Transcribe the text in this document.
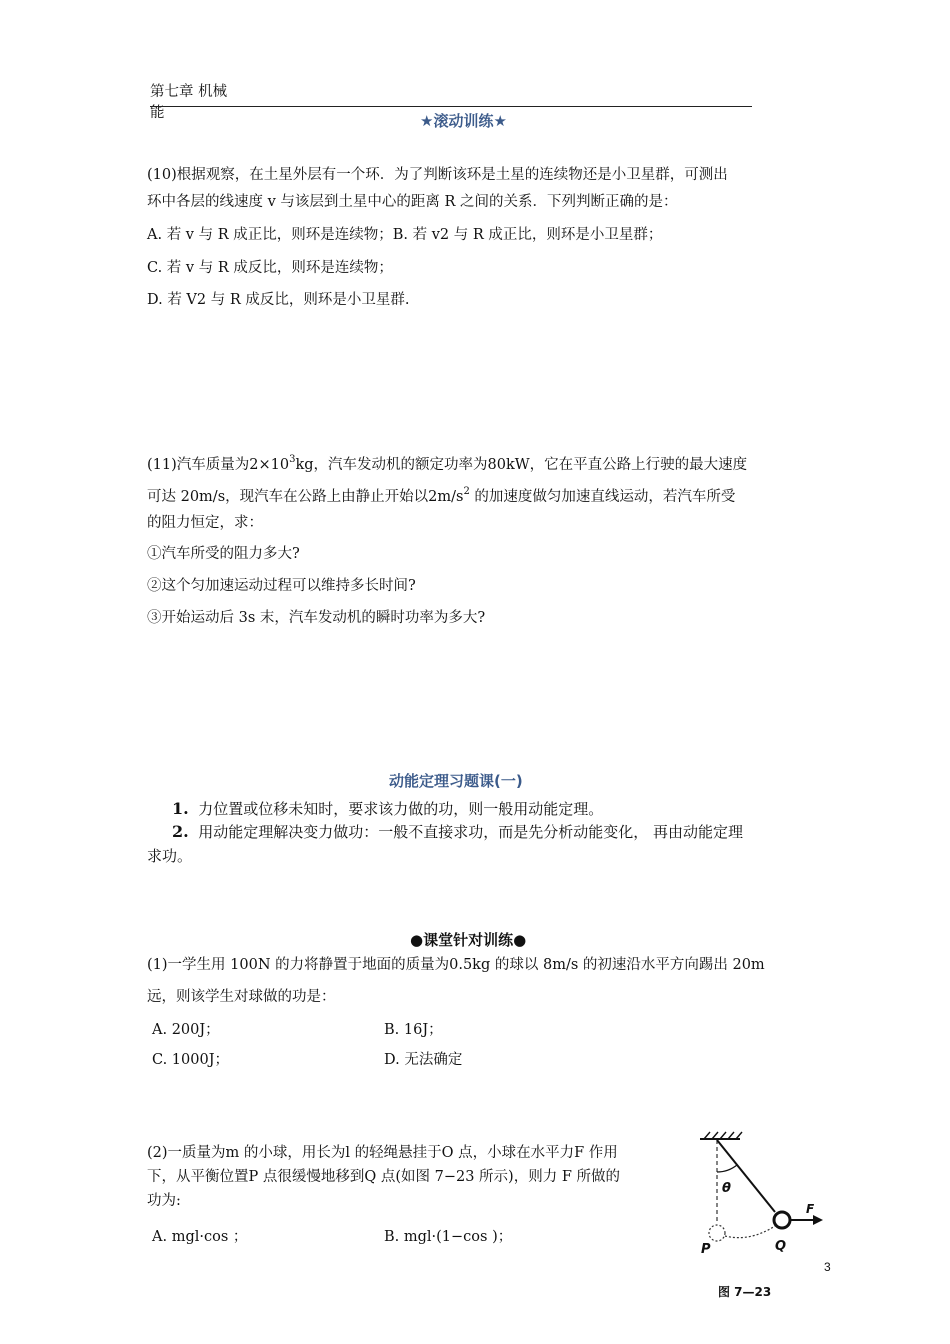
第七章 机械
能	★滚动训练★
(10)根据观察，在土星外层有一个环．为了判断该环是土星的连续物还是小卫星群，可测出
环中各层的线速度 v 与该层到土星中心的距离 R 之间的关系．下列判断正确的是：
A. 若 v 与 R 成正比，则环是连续物；B. 若 v2 与 R 成正比，则环是小卫星群；
C. 若 v 与 R 成反比，则环是连续物；
D. 若 V2 与 R 成反比，则环是小卫星群.
(11)汽车质量为$2\times 10^3kg$，汽车发动机的额定功率为80kW，它在平直公路上行驶的最大速度
可达 20m/s，现汽车在公路上由静止开始以$2m/s^2$ 的加速度做匀加速直线运动，若汽车所受
的阻力恒定，求：
①汽车所受的阻力多大?
②这个匀加速运动过程可以维持多长时间?
③开始运动后 3s 末，汽车发动机的瞬时功率为多大?
动能定理习题课(一)
1. 力位置或位移未知时，要求该力做的功，则一般用动能定理。
2. 用动能定理解决变力做功：一般不直接求功，而是先分析动能变化， 再由动能定理
求功。
●课堂针对训练●
(1)一学生用 100N 的力将静置于地面的质量为0.5kg 的球以 8m/s 的初速沿水平方向踢出 20m
远，则该学生对球做的功是：
A. 200J；	B. 16J；
C. 1000J；	D. 无法确定
(2)一质量为m 的小球，用长为l 的轻绳悬挂于O 点，小球在水平力F 作用
下，从平衡位置P 点很缓慢地移到Q 点(如图 7−23 所示)，则力 F 所做的
功为:
A. mgl·cos ；	B. mgl·(1−cos )；
θ
F
P	Q
图 7—23
3
